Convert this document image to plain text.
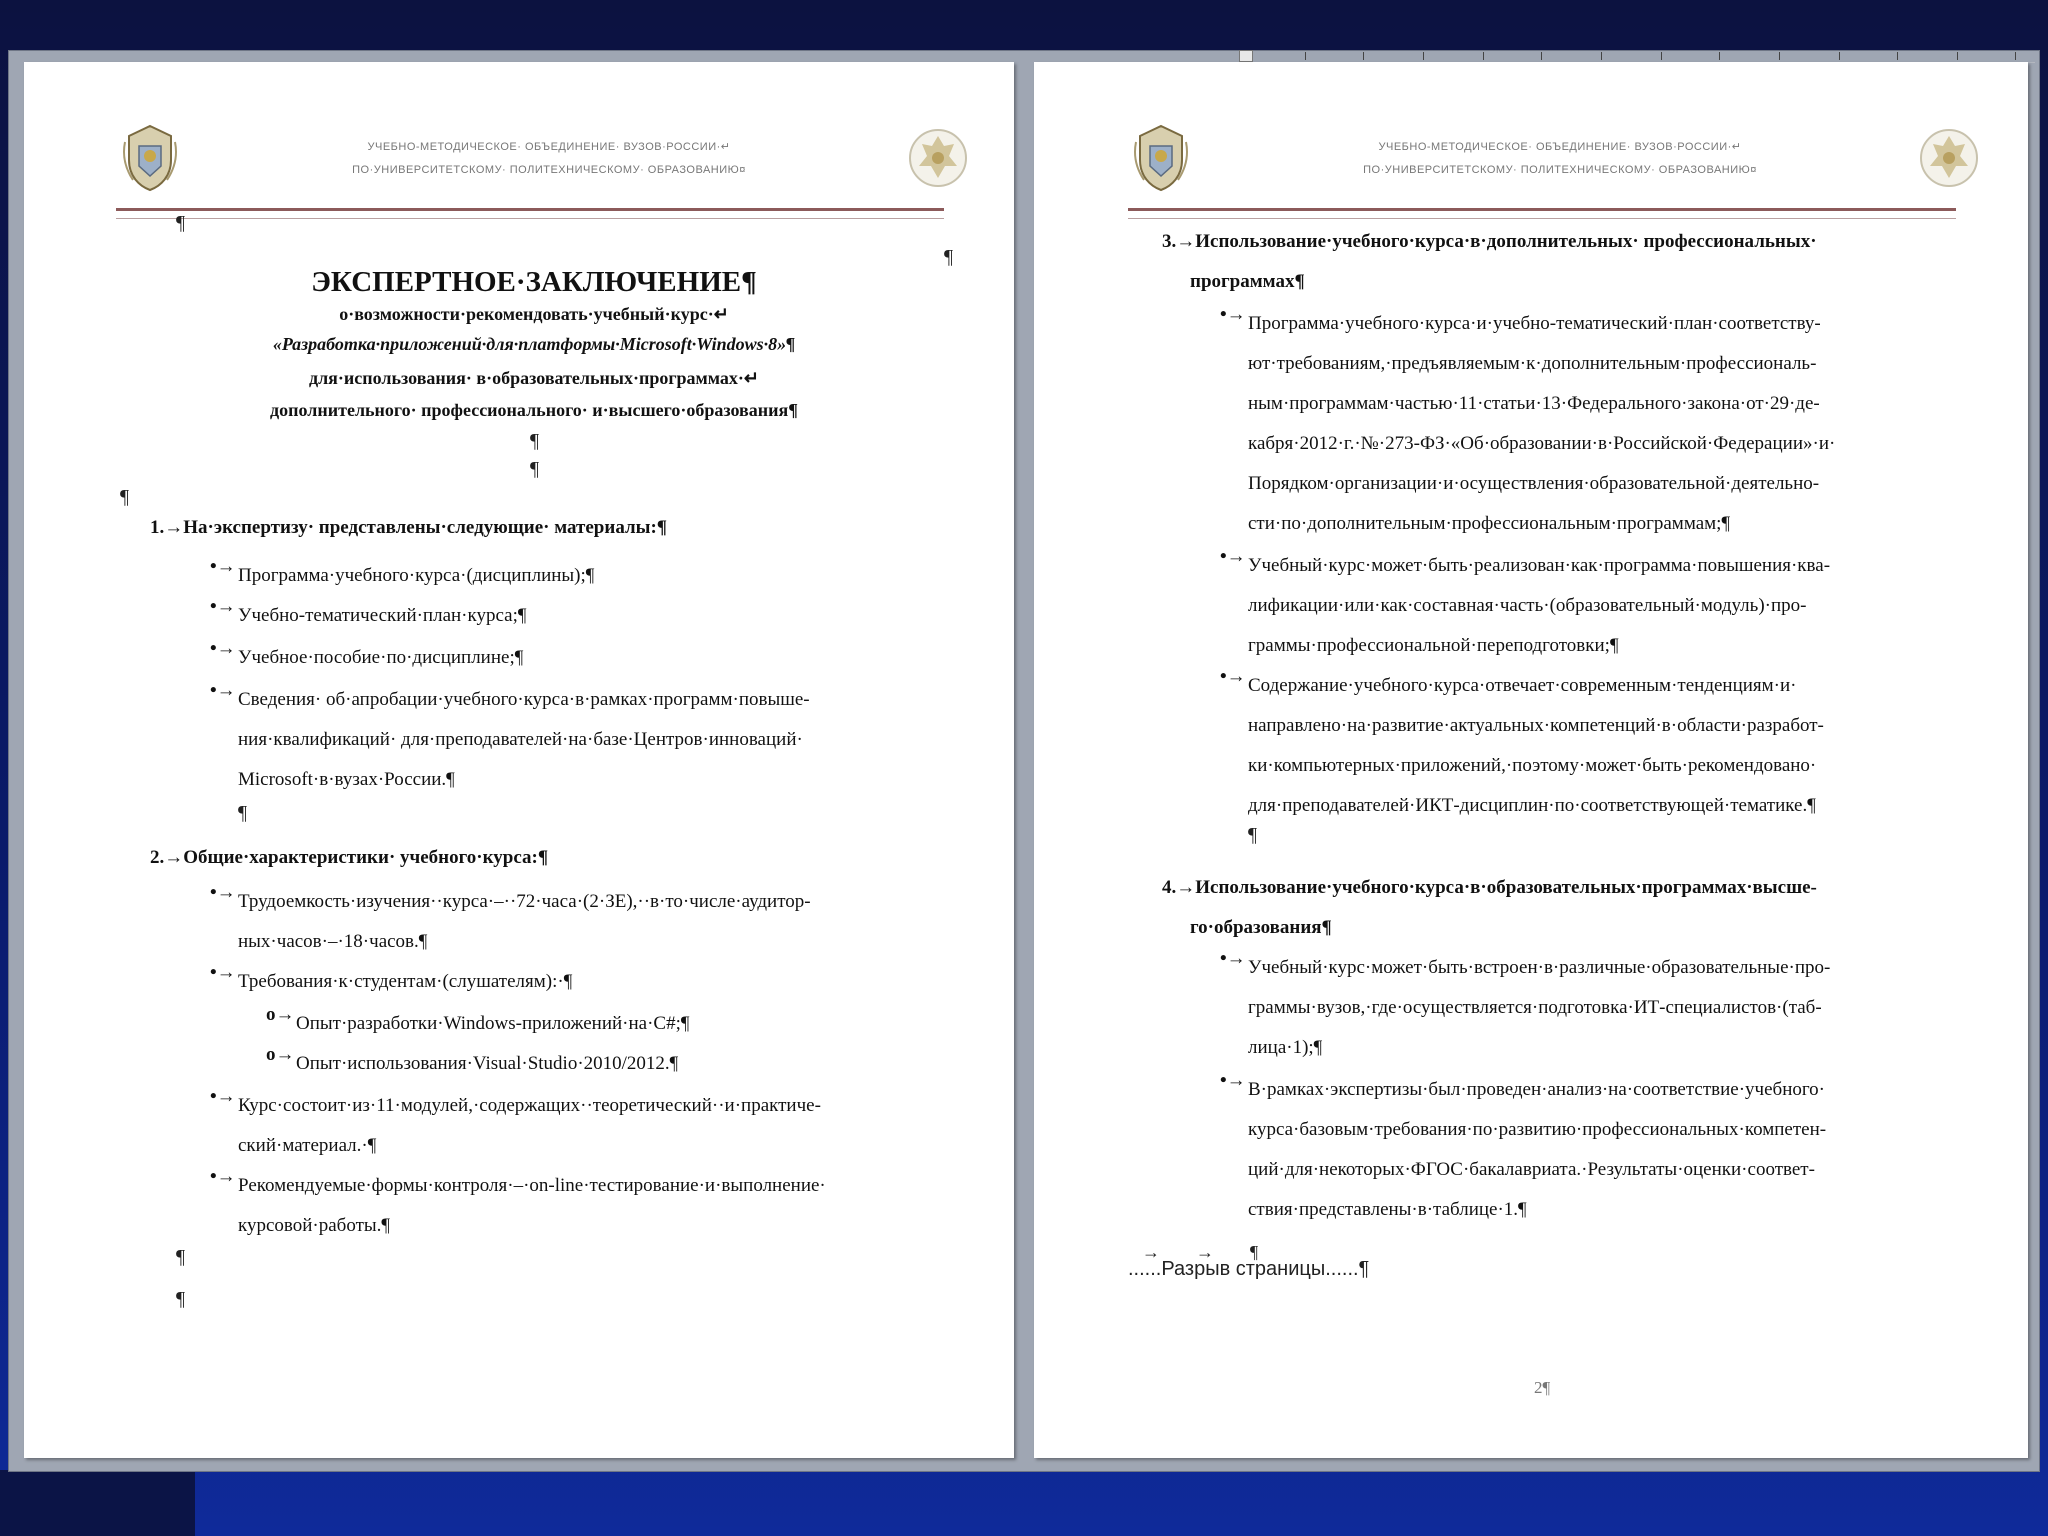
УЧЕБНО-МЕТОДИЧЕСКОЕ· ОБЪЕДИНЕНИЕ· ВУЗОВ·РОССИИ·↵
ПО·УНИВЕРСИТЕТСКОМУ· ПОЛИТЕХНИЧЕСКОМУ· ОБРАЗОВАНИЮ¤
¶
¶
ЭКСПЕРТНОЕ·ЗАКЛЮЧЕНИЕ¶
о·возможности·рекомендовать·учебный·курс·↵
«Разработка·приложений·для·платформы·Microsoft·Windows·8»¶
для·использования· в·образовательных·программах·↵
дополнительного· профессионального· и·высшего·образования¶
¶
¶
¶
1.→На·экспертизу· представлены·следующие· материалы:¶
•→ Программа·учебного·курса·(дисциплины);¶
•→ Учебно-тематический·план·курса;¶
•→ Учебное·пособие·по·дисциплине;¶
•→ Сведения· об·апробации·учебного·курса·в·рамках·программ·повыше-
ния·квалификаций· для·преподавателей·на·базе·Центров·инноваций·
Microsoft·в·вузах·России.¶
¶
2.→Общие·характеристики· учебного·курса:¶
•→ Трудоемкость·изучения··курса·–··72·часа·(2·ЗЕ),··в·то·числе·аудитор-
ных·часов·–·18·часов.¶
•→ Требования·к·студентам·(слушателям):·¶
o→ Опыт·разработки·Windows-приложений·на·C#;¶
o→ Опыт·использования·Visual·Studio·2010/2012.¶
•→ Курс·состоит·из·11·модулей,·содержащих··теоретический··и·практиче-
ский·материал.·¶
•→ Рекомендуемые·формы·контроля·–·on-line·тестирование·и·выполнение·
курсовой·работы.¶
¶
¶
УЧЕБНО-МЕТОДИЧЕСКОЕ· ОБЪЕДИНЕНИЕ· ВУЗОВ·РОССИИ·↵
ПО·УНИВЕРСИТЕТСКОМУ· ПОЛИТЕХНИЧЕСКОМУ· ОБРАЗОВАНИЮ¤
3.→Использование·учебного·курса·в·дополнительных· профессиональных·
программах¶
•→ Программа·учебного·курса·и·учебно-тематический·план·соответству-
ют·требованиям,·предъявляемым·к·дополнительным·профессиональ-
ным·программам·частью·11·статьи·13·Федерального·закона·от·29·де-
кабря·2012·г.·№·273-ФЗ·«Об·образовании·в·Российской·Федерации»·и·
Порядком·организации·и·осуществления·образовательной·деятельно-
сти·по·дополнительным·профессиональным·программам;¶
•→ Учебный·курс·может·быть·реализован·как·программа·повышения·ква-
лификации·или·как·составная·часть·(образовательный·модуль)·про-
граммы·профессиональной·переподготовки;¶
•→ Содержание·учебного·курса·отвечает·современным·тенденциям·и·
направлено·на·развитие·актуальных·компетенций·в·области·разработ-
ки·компьютерных·приложений,·поэтому·может·быть·рекомендовано·
для·преподавателей·ИКТ-дисциплин·по·соответствующей·тематике.¶
¶
4.→Использование·учебного·курса·в·образовательных·программах·высше-
го·образования¶
•→ Учебный·курс·может·быть·встроен·в·различные·образовательные·про-
граммы·вузов,·где·осуществляется·подготовка·ИТ-специалистов·(таб-
лица·1);¶
•→ В·рамках·экспертизы·был·проведен·анализ·на·соответствие·учебного·
курса·базовым·требования·по·развитию·профессиональных·компетен-
ций·для·некоторых·ФГОС·бакалавриата.·Результаты·оценки·соответ-
ствия·представлены·в·таблице·1.¶
→        →        ¶
......Разрыв страницы......¶
2¶
